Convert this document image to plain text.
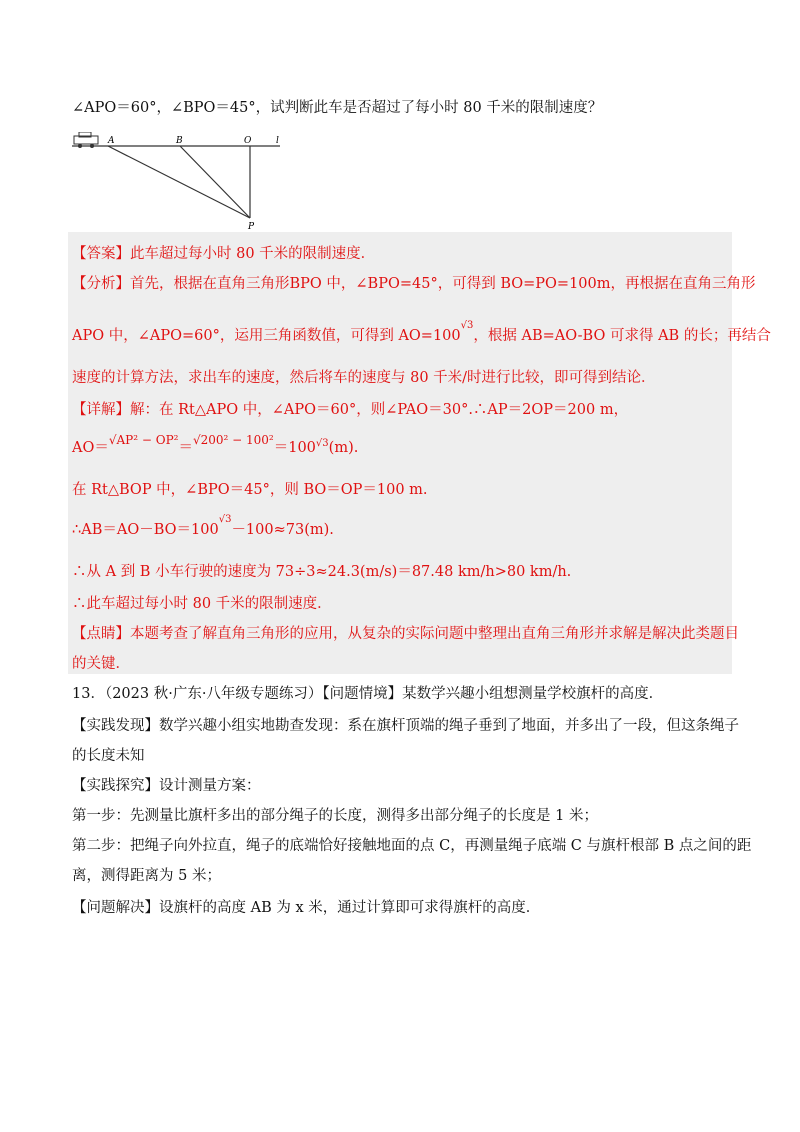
∠APO＝60°，∠BPO＝45°，试判断此车是否超过了每小时 80 千米的限制速度？
A	B	O	l
P
【答案】此车超过每小时 80 千米的限制速度．
【分析】首先，根据在直角三角形BPO 中，∠BPO=45°，可得到 BO=PO=100m，再根据在直角三角形
APO 中，∠APO=60°，运用三角函数值，可得到 $AO=100^{√3}$，根据 AB=AO-BO 可求得 AB 的长；再结合
速度的计算方法，求出车的速度，然后将车的速度与 80 千米/时进行比较，即可得到结论．
【详解】解：在 Rt△APO 中，∠APO＝60°，则∠PAO＝30°.∴AP＝2OP＝200 m，
$AO=^{√AP^2 - OP^2}=^{√200^2 - 100^2}=100^{√3}(m)$.
在 Rt△BOP 中，∠BPO＝45°，则 BO＝OP＝100 m.
$\therefore AB=AO-BO=100^{√3}-100\approx 73(m)$.
∴从 A 到 B 小车行驶的速度为 73÷3≈24.3(m/s)＝87.48 km/h>80 km/h.
∴此车超过每小时 80 千米的限制速度．
【点睛】本题考查了解直角三角形的应用，从复杂的实际问题中整理出直角三角形并求解是解决此类题目
的关键．
13．（2023 秋·广东·八年级专题练习）【问题情境】某数学兴趣小组想测量学校旗杆的高度．
【实践发现】数学兴趣小组实地勘查发现：系在旗杆顶端的绳子垂到了地面，并多出了一段，但这条绳子
的长度未知
【实践探究】设计测量方案：
第一步：先测量比旗杆多出的部分绳子的长度，测得多出部分绳子的长度是 1 米；
第二步：把绳子向外拉直，绳子的底端恰好接触地面的点 C，再测量绳子底端 C 与旗杆根部 B 点之间的距
离，测得距离为 5 米；
【问题解决】设旗杆的高度 AB 为 x 米，通过计算即可求得旗杆的高度．
